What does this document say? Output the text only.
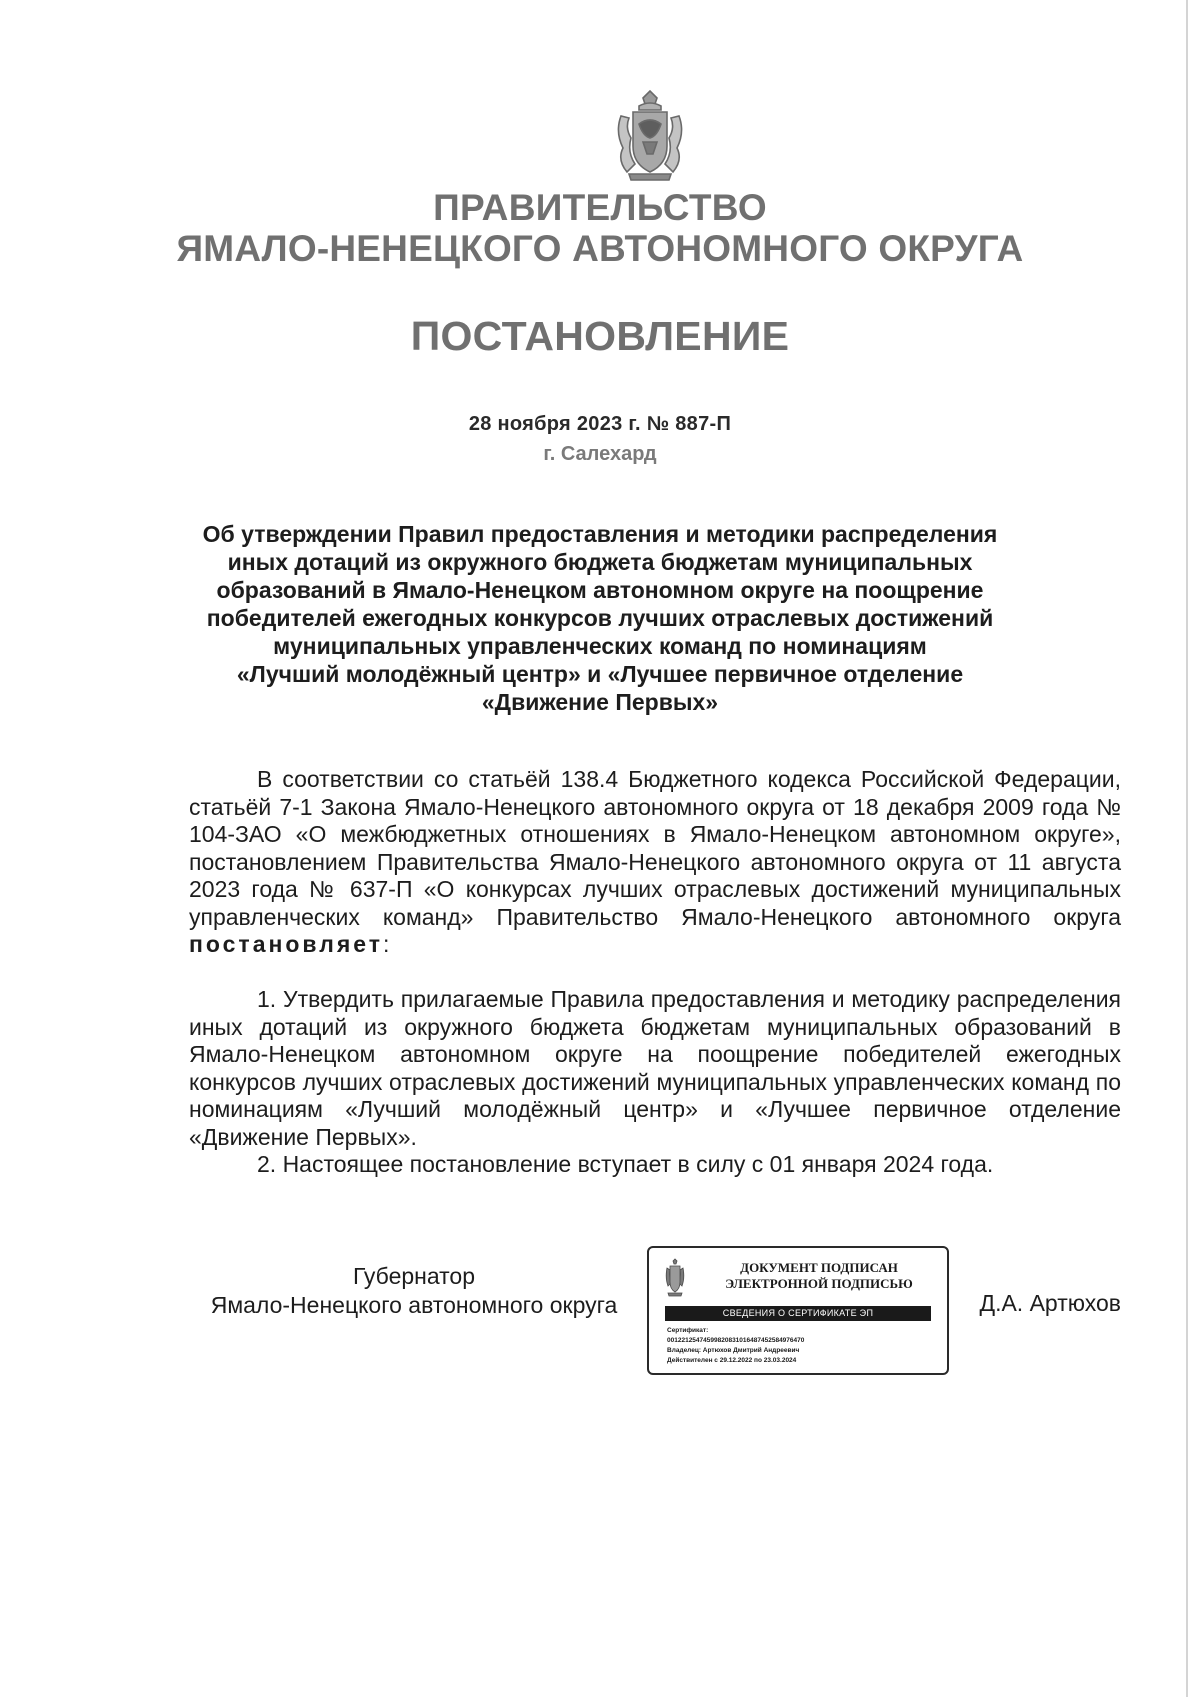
ПРАВИТЕЛЬСТВО
ЯМАЛО-НЕНЕЦКОГО АВТОНОМНОГО ОКРУГА
ПОСТАНОВЛЕНИЕ
28 ноября 2023 г. № 887-П
г. Салехард
Об утверждении Правил предоставления и методики распределения
иных дотаций из окружного бюджета бюджетам муниципальных
образований в Ямало-Ненецком автономном округе на поощрение
победителей ежегодных конкурсов лучших отраслевых достижений
муниципальных управленческих команд по номинациям
«Лучший молодёжный центр» и «Лучшее первичное отделение
«Движение Первых»
В соответствии со статьёй 138.4 Бюджетного кодекса Российской Федерации, статьёй 7-1 Закона Ямало-Ненецкого автономного округа от 18 декабря 2009 года № 104-ЗАО «О межбюджетных отношениях в Ямало-Ненецком автономном округе», постановлением Правительства Ямало-Ненецкого автономного округа от 11 августа 2023 года № 637-П «О конкурсах лучших отраслевых достижений муниципальных управленческих команд» Правительство Ямало-Ненецкого автономного округа постановляет:
1. Утвердить прилагаемые Правила предоставления и методику распределения иных дотаций из окружного бюджета бюджетам муниципальных образований в Ямало-Ненецком автономном округе на поощрение победителей ежегодных конкурсов лучших отраслевых достижений муниципальных управленческих команд по номинациям «Лучший молодёжный центр» и «Лучшее первичное отделение «Движение Первых».
2. Настоящее постановление вступает в силу с 01 января 2024 года.
Губернатор
Ямало-Ненецкого автономного округа
ДОКУМЕНТ ПОДПИСАН
ЭЛЕКТРОННОЙ ПОДПИСЬЮ
СВЕДЕНИЯ О СЕРТИФИКАТЕ ЭП
Сертификат:
00122125474599820831016487452584976470
Владелец: Артюхов Дмитрий Андреевич
Действителен с 29.12.2022 по 23.03.2024
Д.А. Артюхов
